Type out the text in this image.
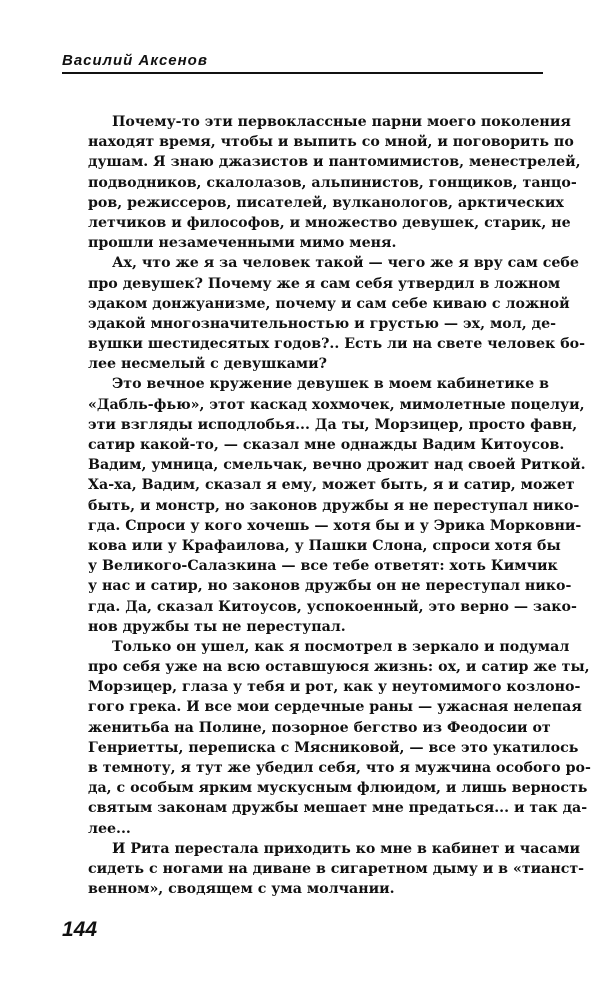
Василий Аксенов
Почему-то эти первоклассные парни моего поколения
находят время, чтобы и выпить со мной, и поговорить по
душам. Я знаю джазистов и пантомимистов, менестрелей,
подводников, скалолазов, альпинистов, гонщиков, танцо-
ров, режиссеров, писателей, вулканологов, арктических
летчиков и философов, и множество девушек, старик, не
прошли незамеченными мимо меня.
Ах, что же я за человек такой — чего же я вру сам себе
про девушек? Почему же я сам себя утвердил в ложном
эдаком донжуанизме, почему и сам себе киваю с ложной
эдакой многозначительностью и грустью — эх, мол, де-
вушки шестидесятых годов?.. Есть ли на свете человек бо-
лее несмелый с девушками?
Это вечное кружение девушек в моем кабинетике в
«Дабль-фью», этот каскад хохмочек, мимолетные поцелуи,
эти взгляды исподлобья... Да ты, Морзицер, просто фавн,
сатир какой-то, — сказал мне однажды Вадим Китоусов.
Вадим, умница, смельчак, вечно дрожит над своей Риткой.
Ха-ха, Вадим, сказал я ему, может быть, я и сатир, может
быть, и монстр, но законов дружбы я не переступал нико-
гда. Спроси у кого хочешь — хотя бы и у Эрика Морковни-
кова или у Крафаилова, у Пашки Слона, спроси хотя бы
у Великого-Салазкина — все тебе ответят: хоть Кимчик
у нас и сатир, но законов дружбы он не переступал нико-
гда. Да, сказал Китоусов, успокоенный, это верно — зако-
нов дружбы ты не переступал.
Только он ушел, как я посмотрел в зеркало и подумал
про себя уже на всю оставшуюся жизнь: ох, и сатир же ты,
Морзицер, глаза у тебя и рот, как у неутомимого козлоно-
гого грека. И все мои сердечные раны — ужасная нелепая
женитьба на Полине, позорное бегство из Феодосии от
Генриетты, переписка с Мясниковой, — все это укатилось
в темноту, я тут же убедил себя, что я мужчина особого ро-
да, с особым ярким мускусным флюидом, и лишь верность
святым законам дружбы мешает мне предаться... и так да-
лее...
И Рита перестала приходить ко мне в кабинет и часами
сидеть с ногами на диване в сигаретном дыму и в «тианст-
венном», сводящем с ума молчании.
144
